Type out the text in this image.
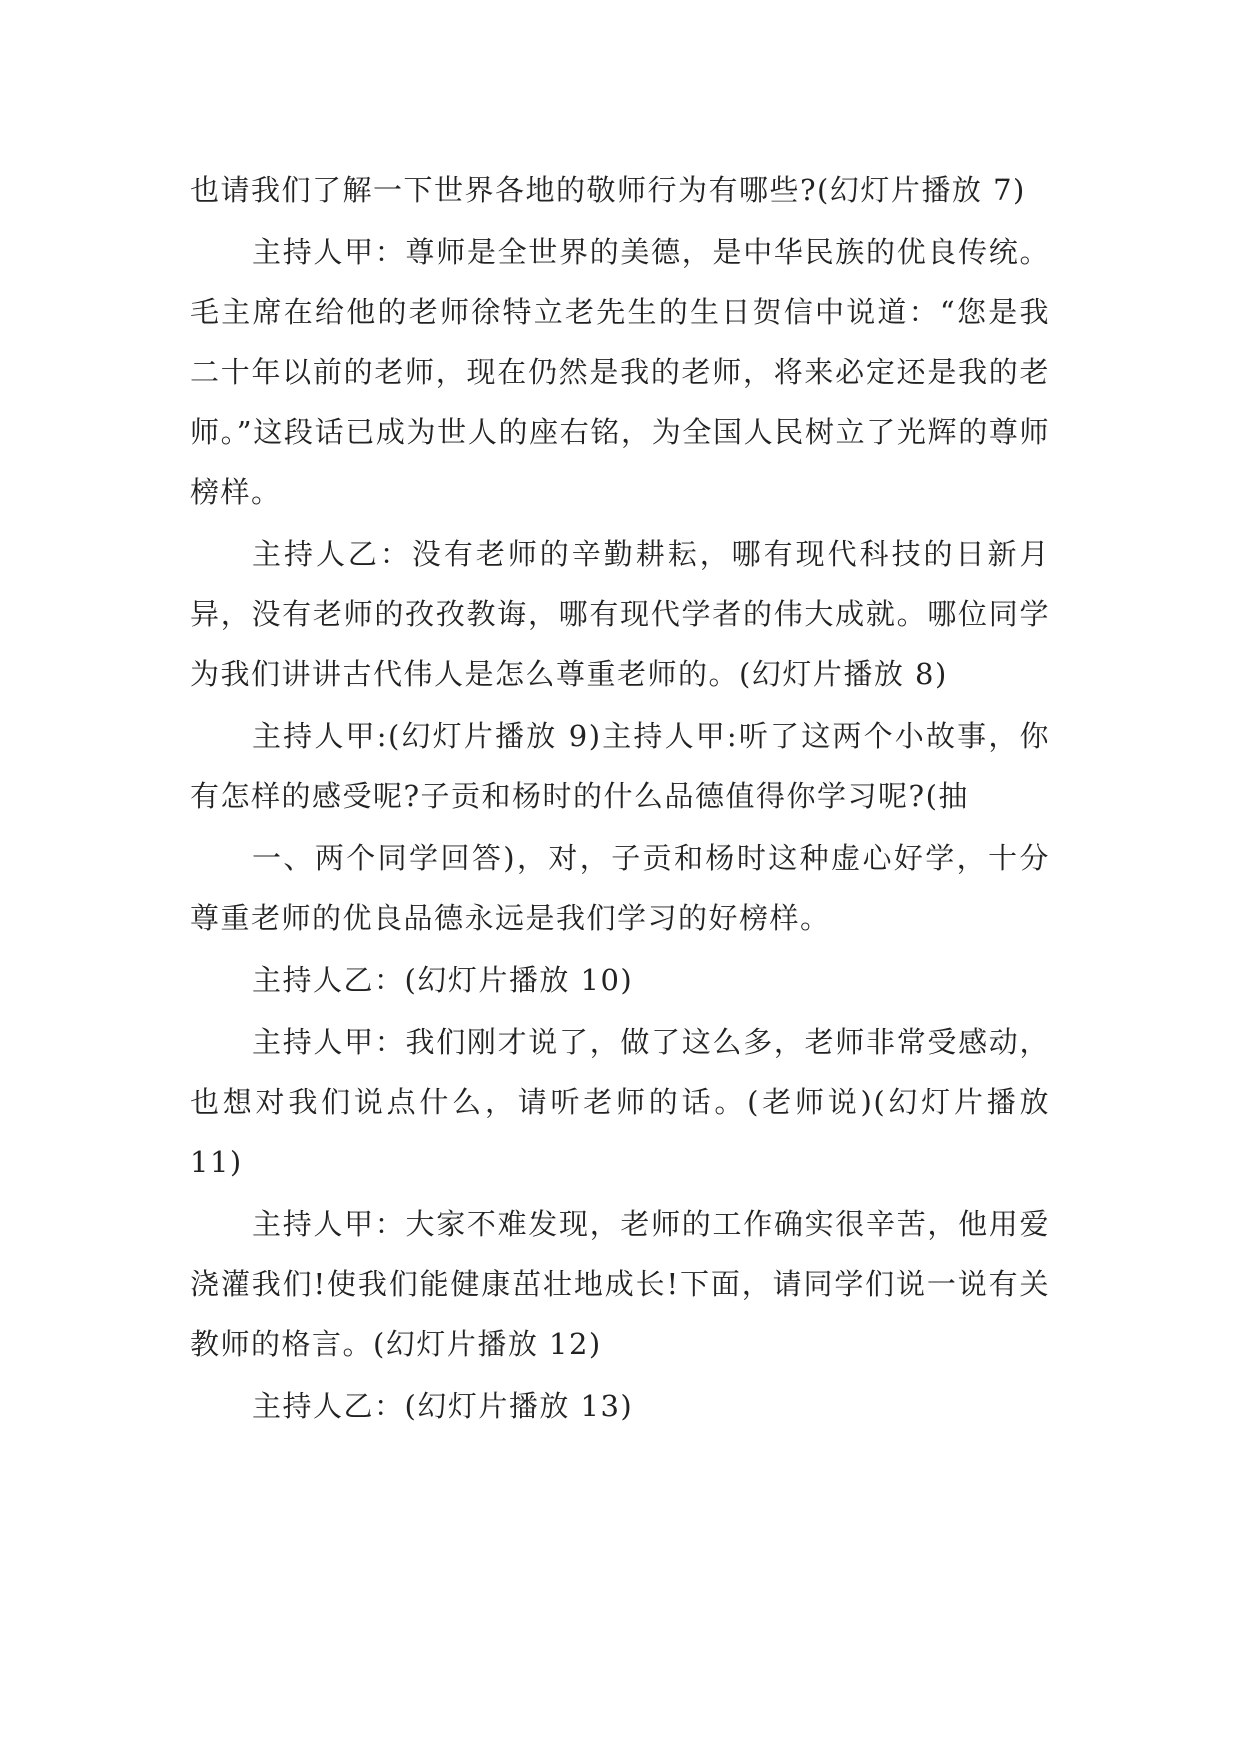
也请我们了解一下世界各地的敬师行为有哪些?(幻灯片播放 7)

主持人甲：尊师是全世界的美德，是中华民族的优良传统。毛主席在给他的老师徐特立老先生的生日贺信中说道：“您是我二十年以前的老师，现在仍然是我的老师，将来必定还是我的老师。”这段话已成为世人的座右铭，为全国人民树立了光辉的尊师榜样。

主持人乙：没有老师的辛勤耕耘，哪有现代科技的日新月异，没有老师的孜孜教诲，哪有现代学者的伟大成就。哪位同学为我们讲讲古代伟人是怎么尊重老师的。(幻灯片播放 8)

主持人甲:(幻灯片播放 9)主持人甲:听了这两个小故事，你有怎样的感受呢?子贡和杨时的什么品德值得你学习呢?(抽

一、两个同学回答)，对，子贡和杨时这种虚心好学，十分尊重老师的优良品德永远是我们学习的好榜样。

主持人乙：(幻灯片播放 10)

主持人甲：我们刚才说了，做了这么多，老师非常受感动，也想对我们说点什么，请听老师的话。(老师说)(幻灯片播放 11)

主持人甲：大家不难发现，老师的工作确实很辛苦，他用爱浇灌我们!使我们能健康茁壮地成长!下面，请同学们说一说有关教师的格言。(幻灯片播放 12)

主持人乙：(幻灯片播放 13)
